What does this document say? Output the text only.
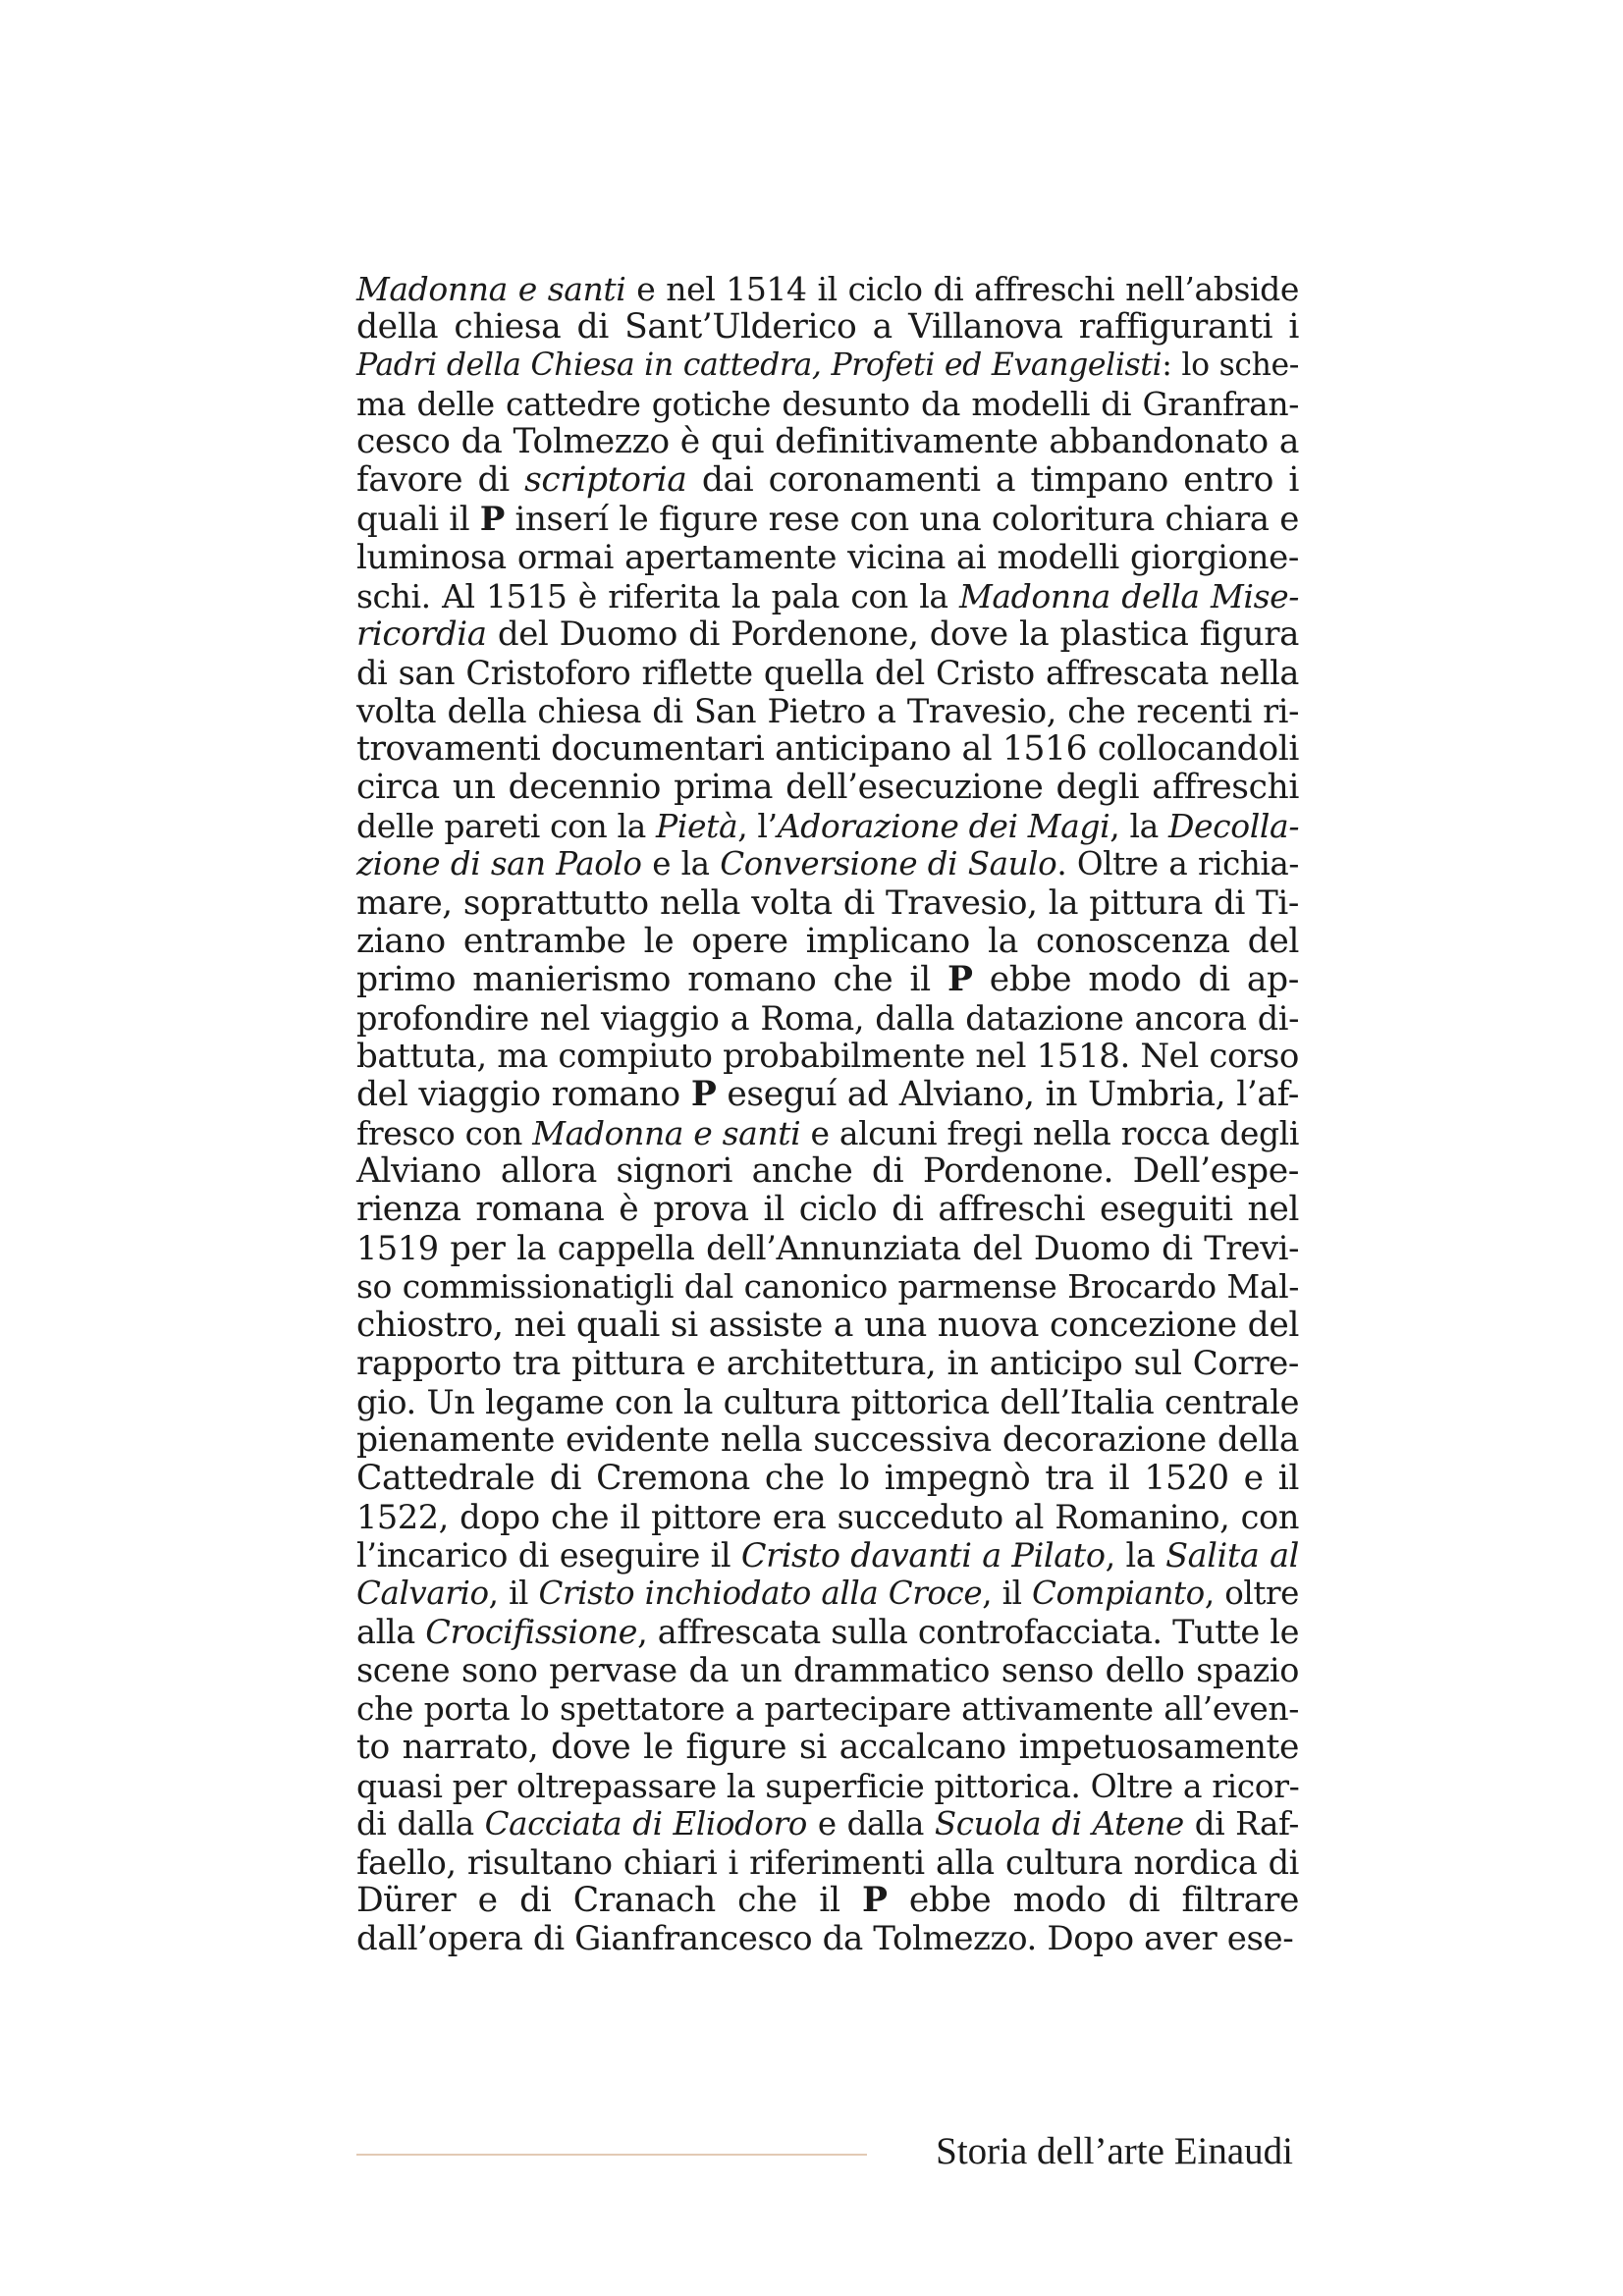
Madonna e santi e nel 1514 il ciclo di affreschi nell’abside
della chiesa di Sant’Ulderico a Villanova raffiguranti i
Padri della Chiesa in cattedra, Profeti ed Evangelisti: lo sche-
ma delle cattedre gotiche desunto da modelli di Granfran-
cesco da Tolmezzo è qui definitivamente abbandonato a
favore di scriptoria dai coronamenti a timpano entro i
quali il P inserí le figure rese con una coloritura chiara e
luminosa ormai apertamente vicina ai modelli giorgione-
schi. Al 1515 è riferita la pala con la Madonna della Mise-
ricordia del Duomo di Pordenone, dove la plastica figura
di san Cristoforo riflette quella del Cristo affrescata nella
volta della chiesa di San Pietro a Travesio, che recenti ri-
trovamenti documentari anticipano al 1516 collocandoli
circa un decennio prima dell’esecuzione degli affreschi
delle pareti con la Pietà, l’Adorazione dei Magi, la Decolla-
zione di san Paolo e la Conversione di Saulo. Oltre a richia-
mare, soprattutto nella volta di Travesio, la pittura di Ti-
ziano entrambe le opere implicano la conoscenza del
primo manierismo romano che il P ebbe modo di ap-
profondire nel viaggio a Roma, dalla datazione ancora di-
battuta, ma compiuto probabilmente nel 1518. Nel corso
del viaggio romano P eseguí ad Alviano, in Umbria, l’af-
fresco con Madonna e santi e alcuni fregi nella rocca degli
Alviano allora signori anche di Pordenone. Dell’espe-
rienza romana è prova il ciclo di affreschi eseguiti nel
1519 per la cappella dell’Annunziata del Duomo di Trevi-
so commissionatigli dal canonico parmense Brocardo Mal-
chiostro, nei quali si assiste a una nuova concezione del
rapporto tra pittura e architettura, in anticipo sul Corre-
gio. Un legame con la cultura pittorica dell’Italia centrale
pienamente evidente nella successiva decorazione della
Cattedrale di Cremona che lo impegnò tra il 1520 e il
1522, dopo che il pittore era succeduto al Romanino, con
l’incarico di eseguire il Cristo davanti a Pilato, la Salita al
Calvario, il Cristo inchiodato alla Croce, il Compianto, oltre
alla Crocifissione, affrescata sulla controfacciata. Tutte le
scene sono pervase da un drammatico senso dello spazio
che porta lo spettatore a partecipare attivamente all’even-
to narrato, dove le figure si accalcano impetuosamente
quasi per oltrepassare la superficie pittorica. Oltre a ricor-
di dalla Cacciata di Eliodoro e dalla Scuola di Atene di Raf-
faello, risultano chiari i riferimenti alla cultura nordica di
Dürer e di Cranach che il P ebbe modo di filtrare
dall’opera di Gianfrancesco da Tolmezzo. Dopo aver ese-
Storia dell’arte Einaudi
